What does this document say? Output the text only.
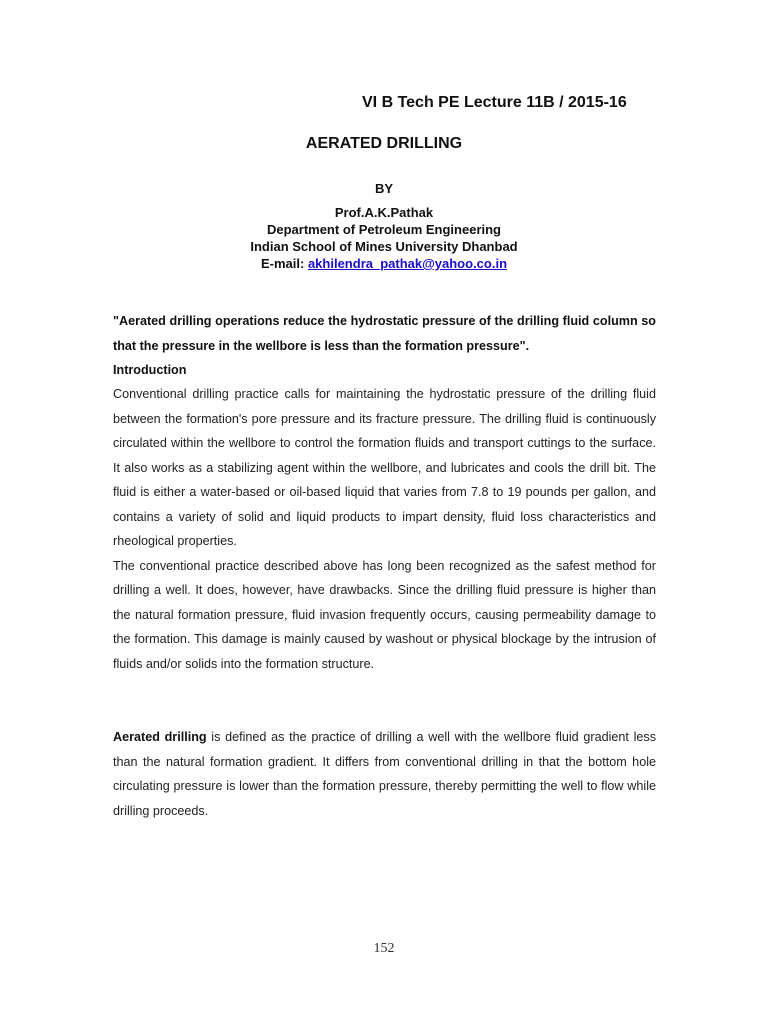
VI B Tech PE Lecture 11B / 2015-16
AERATED DRILLING
BY
Prof.A.K.Pathak
Department of Petroleum Engineering
Indian School of Mines University Dhanbad
E-mail: akhilendra_pathak@yahoo.co.in
"Aerated drilling operations reduce the hydrostatic pressure of the drilling fluid column so that the pressure in the wellbore is less than the formation pressure".
Introduction
Conventional drilling practice calls for maintaining the hydrostatic pressure of the drilling fluid between the formation's pore pressure and its fracture pressure. The drilling fluid is continuously circulated within the wellbore to control the formation fluids and transport cuttings to the surface. It also works as a stabilizing agent within the wellbore, and lubricates and cools the drill bit. The fluid is either a water-based or oil-based liquid that varies from 7.8 to 19 pounds per gallon, and contains a variety of solid and liquid products to impart density, fluid loss characteristics and rheological properties.
The conventional practice described above has long been recognized as the safest method for drilling a well. It does, however, have drawbacks. Since the drilling fluid pressure is higher than the natural formation pressure, fluid invasion frequently occurs, causing permeability damage to the formation. This damage is mainly caused by washout or physical blockage by the intrusion of fluids and/or solids into the formation structure.
Aerated drilling is defined as the practice of drilling a well with the wellbore fluid gradient less than the natural formation gradient. It differs from conventional drilling in that the bottom hole circulating pressure is lower than the formation pressure, thereby permitting the well to flow while drilling proceeds.
152
